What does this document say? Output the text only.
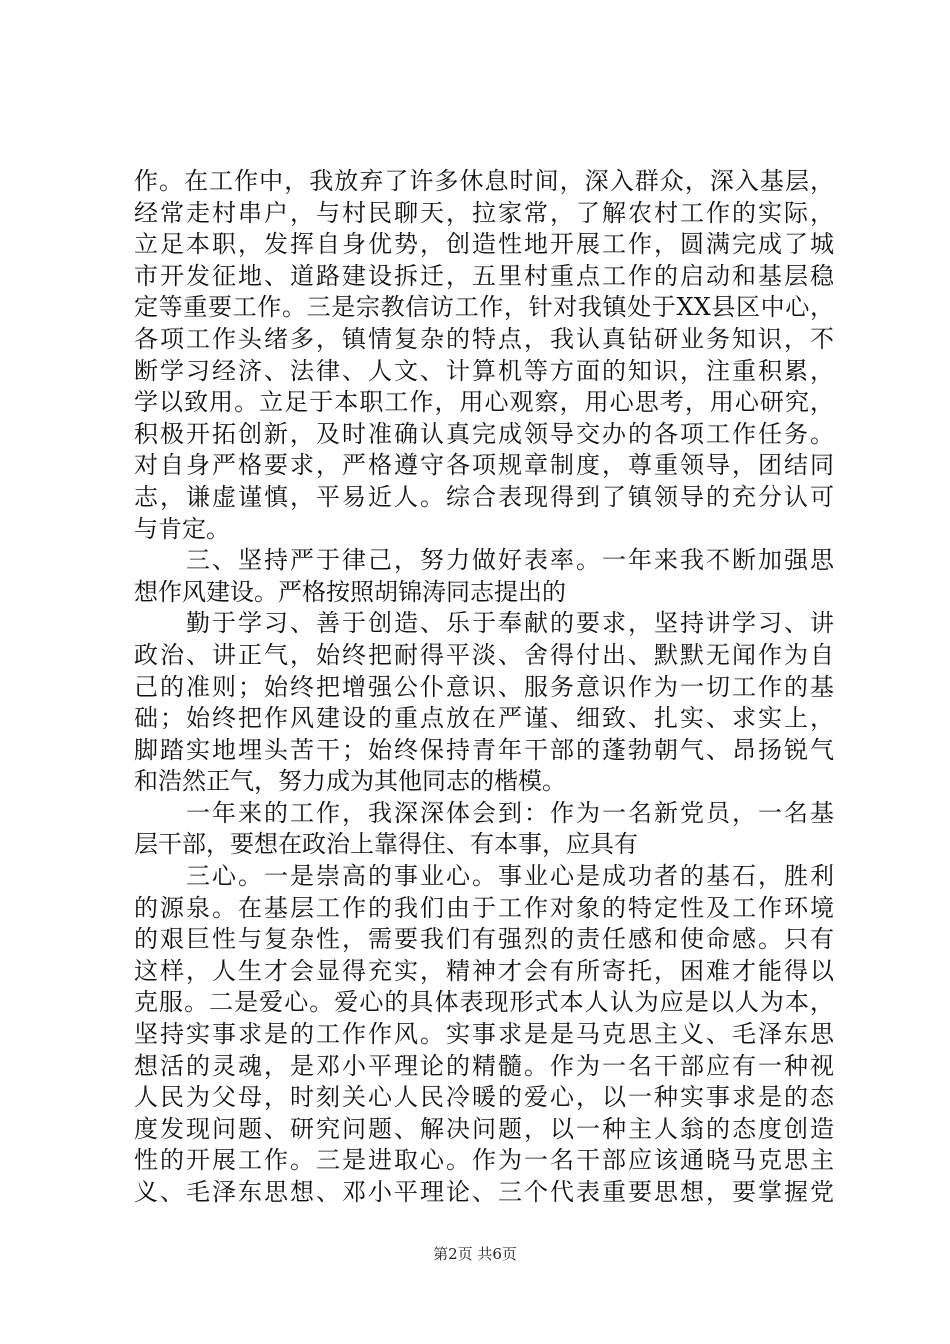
作。在工作中，我放弃了许多休息时间，深入群众，深入基层，
经常走村串户，与村民聊天，拉家常，了解农村工作的实际，
立足本职，发挥自身优势，创造性地开展工作，圆满完成了城
市开发征地、道路建设拆迁，五里村重点工作的启动和基层稳
定等重要工作。三是宗教信访工作，针对我镇处于XX县区中心，
各项工作头绪多，镇情复杂的特点，我认真钻研业务知识，不
断学习经济、法律、人文、计算机等方面的知识，注重积累，
学以致用。立足于本职工作，用心观察，用心思考，用心研究，
积极开拓创新，及时准确认真完成领导交办的各项工作任务。
对自身严格要求，严格遵守各项规章制度，尊重领导，团结同
志，谦虚谨慎，平易近人。综合表现得到了镇领导的充分认可
与肯定。
　　三、坚持严于律己，努力做好表率。一年来我不断加强思
想作风建设。严格按照胡锦涛同志提出的
　　勤于学习、善于创造、乐于奉献的要求，坚持讲学习、讲
政治、讲正气，始终把耐得平淡、舍得付出、默默无闻作为自
己的准则；始终把增强公仆意识、服务意识作为一切工作的基
础；始终把作风建设的重点放在严谨、细致、扎实、求实上，
脚踏实地埋头苦干；始终保持青年干部的蓬勃朝气、昂扬锐气
和浩然正气，努力成为其他同志的楷模。
　　一年来的工作，我深深体会到：作为一名新党员，一名基
层干部，要想在政治上靠得住、有本事，应具有
　　三心。一是崇高的事业心。事业心是成功者的基石，胜利
的源泉。在基层工作的我们由于工作对象的特定性及工作环境
的艰巨性与复杂性，需要我们有强烈的责任感和使命感。只有
这样，人生才会显得充实，精神才会有所寄托，困难才能得以
克服。二是爱心。爱心的具体表现形式本人认为应是以人为本，
坚持实事求是的工作作风。实事求是是马克思主义、毛泽东思
想活的灵魂，是邓小平理论的精髓。作为一名干部应有一种视
人民为父母，时刻关心人民冷暖的爱心，以一种实事求是的态
度发现问题、研究问题、解决问题，以一种主人翁的态度创造
性的开展工作。三是进取心。作为一名干部应该通晓马克思主
义、毛泽东思想、邓小平理论、三个代表重要思想，要掌握党
第2页 共6页
